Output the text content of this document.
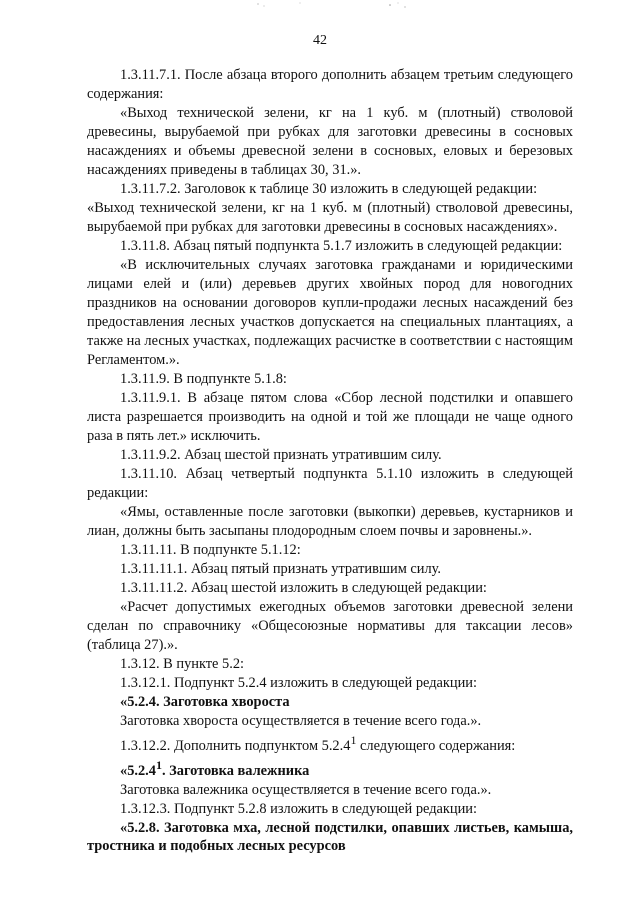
42

1.3.11.7.1. После абзаца второго дополнить абзацем третьим следующего содержания:

«Выход технической зелени, кг на 1 куб. м (плотный) стволовой древесины, вырубаемой при рубках для заготовки древесины в сосновых насаждениях и объемы древесной зелени в сосновых, еловых и березовых насаждениях приведены в таблицах 30, 31.».

1.3.11.7.2. Заголовок к таблице 30 изложить в следующей редакции:

«Выход технической зелени, кг на 1 куб. м (плотный) стволовой древесины, вырубаемой при рубках для заготовки древесины в сосновых насаждениях».

1.3.11.8. Абзац пятый подпункта 5.1.7 изложить в следующей редакции:

«В исключительных случаях заготовка гражданами и юридическими лицами елей и (или) деревьев других хвойных пород для новогодних праздников на основании договоров купли-продажи лесных насаждений без предоставления лесных участков допускается на специальных плантациях, а также на лесных участках, подлежащих расчистке в соответствии с настоящим Регламентом.».

1.3.11.9. В подпункте 5.1.8:

1.3.11.9.1. В абзаце пятом слова «Сбор лесной подстилки и опавшего листа разрешается производить на одной и той же площади не чаще одного раза в пять лет.» исключить.

1.3.11.9.2. Абзац шестой признать утратившим силу.

1.3.11.10. Абзац четвертый подпункта 5.1.10 изложить в следующей редакции:

«Ямы, оставленные после заготовки (выкопки) деревьев, кустарников и лиан, должны быть засыпаны плодородным слоем почвы и заровнены.».

1.3.11.11. В подпункте 5.1.12:

1.3.11.11.1. Абзац пятый признать утратившим силу.

1.3.11.11.2. Абзац шестой изложить в следующей редакции:

«Расчет допустимых ежегодных объемов заготовки древесной зелени сделан по справочнику «Общесоюзные нормативы для таксации лесов» (таблица 27).».

1.3.12. В пункте 5.2:

1.3.12.1. Подпункт 5.2.4 изложить в следующей редакции:

«5.2.4. Заготовка хвороста

Заготовка хвороста осуществляется в течение всего года.».

1.3.12.2. Дополнить подпунктом 5.2.4$^1$ следующего содержания:

«5.2.4$^1$. Заготовка валежника

Заготовка валежника осуществляется в течение всего года.».

1.3.12.3. Подпункт 5.2.8 изложить в следующей редакции:

«5.2.8. Заготовка мха, лесной подстилки, опавших листьев, камыша, тростника и подобных лесных ресурсов
